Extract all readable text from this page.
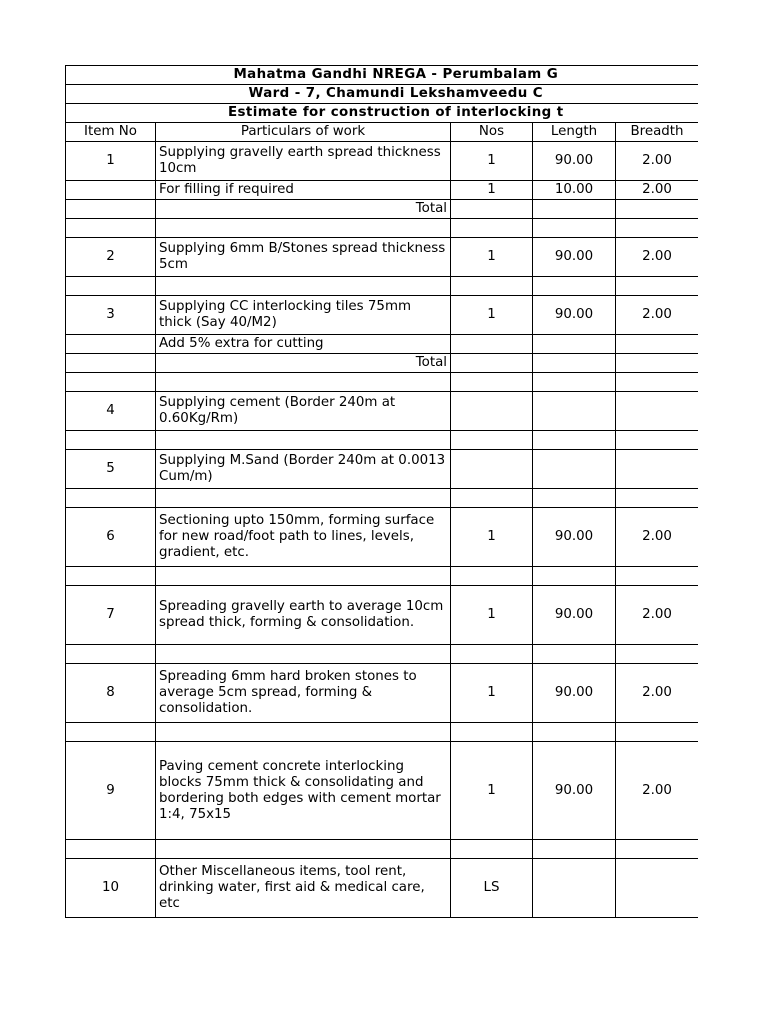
Mahatma Gandhi NREGA - Perumbalam G					
Ward - 7, Chamundi Lekshamveedu C					
Estimate for construction of interlocking t					
Item No	Particulars of work	Nos	Length	Breadth	
1	Supplying gravelly earth spread thickness 10cm	1	90.00	2.00	
	For filling if required	1	10.00	2.00	
	Total				

2	Supplying 6mm B/Stones spread thickness 5cm	1	90.00	2.00	

3	Supplying CC interlocking tiles 75mm thick (Say 40/M2)	1	90.00	2.00	
	Add 5% extra for cutting				
	Total				

4	Supplying cement (Border 240m at 0.60Kg/Rm)				

5	Supplying M.Sand (Border 240m at 0.0013 Cum/m)				

6	Sectioning upto 150mm, forming surface for new road/foot path to lines, levels, gradient, etc.	1	90.00	2.00	

7	Spreading gravelly earth to average 10cm spread thick, forming & consolidation.	1	90.00	2.00	

8	Spreading 6mm hard broken stones to average 5cm spread, forming & consolidation.	1	90.00	2.00	

9	Paving cement concrete interlocking blocks 75mm thick & consolidating and bordering both edges with cement mortar 1:4, 75x15	1	90.00	2.00	

10	Other Miscellaneous items, tool rent, drinking water, first aid & medical care, etc	LS			
